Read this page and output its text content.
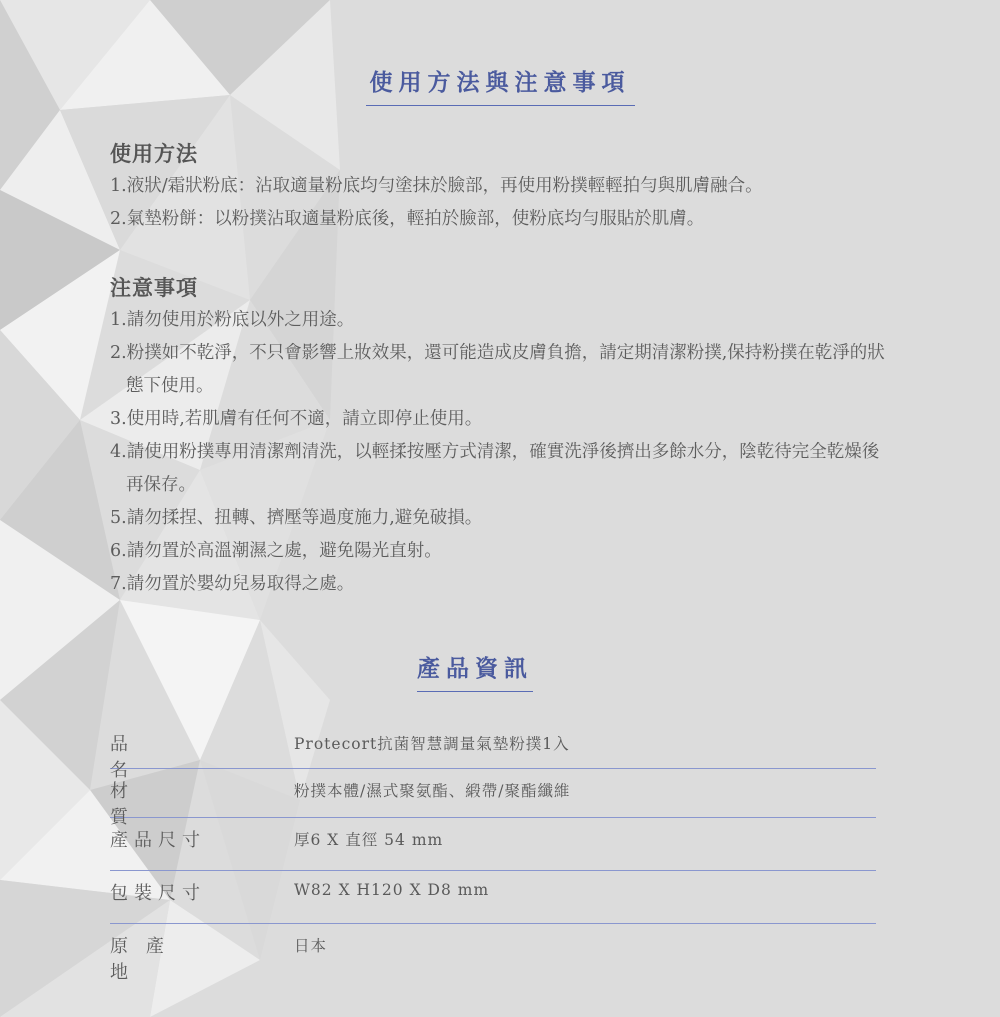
使用方法與注意事項
使用方法
1.液狀/霜狀粉底：沾取適量粉底均勻塗抹於臉部，再使用粉撲輕輕拍勻與肌膚融合。
2.氣墊粉餅：以粉撲沾取適量粉底後，輕拍於臉部，使粉底均勻服貼於肌膚。
注意事項
1.請勿使用於粉底以外之用途。
2.粉撲如不乾淨，不只會影響上妝效果，還可能造成皮膚負擔，請定期清潔粉撲,保持粉撲在乾淨的狀態下使用。
3.使用時,若肌膚有任何不適，請立即停止使用。
4.請使用粉撲專用清潔劑清洗，以輕揉按壓方式清潔，確實洗淨後擠出多餘水分，陰乾待完全乾燥後再保存。
5.請勿揉捏、扭轉、擠壓等過度施力,避免破損。
6.請勿置於高溫潮濕之處，避免陽光直射。
7.請勿置於嬰幼兒易取得之處。
產品資訊
品名
Protecort抗菌智慧調量氣墊粉撲1入
材質
粉撲本體/濕式聚氨酯、緞帶/聚酯纖維
產品尺寸	厚6 X 直徑 54 mm
包裝尺寸	W82 X H120 X D8 mm
原產地
日本
